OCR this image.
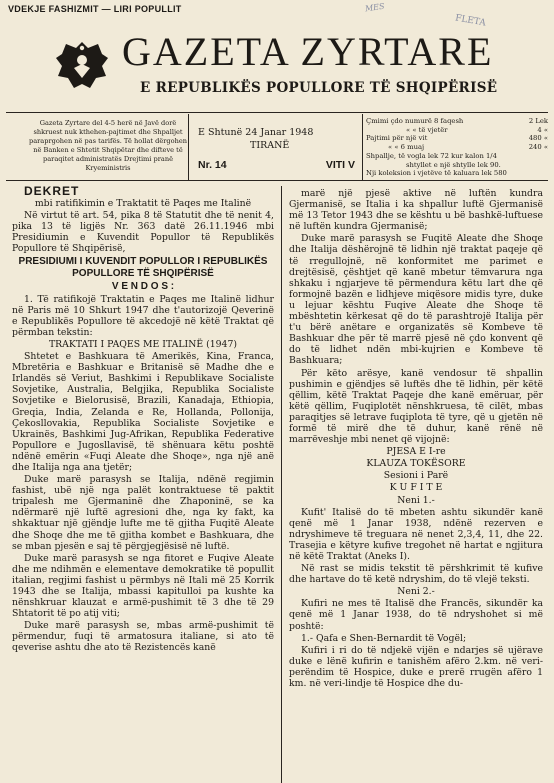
VDEKJE FASHIZMIT — LIRI POPULLIT	MES
FLETA
GAZETA ZYRTARE
E REPUBLIKËS POPULLORE TË SHQIPËRISË
Gazeta Zyrtare del 4-5 herë në Javë dorë
shkruest nuk kthehen-pajtimet dhe Shpalljet
paraprgohen në pas tarifës. Të hollat dërgohen
në Banken e Shtetit Shqipëtar dhe difteve të
paraqitet administratës Drejtimi pranë
Kryeministris
E Shtunë 24 Janar 1948
TIRANË
Nr. 14	VITI V
Çmimi çdo numurë 8 faqesh	2 Lek
« « të vjetër	4 «
Pajtimi për një vit	480 «
« « 6 muaj	240 «
Shpallje, të vogla lek 72 kur kalon 1/4
shtyllet e një shtylle lek 90.
Nji koleksion i vjetëve të kaluara lek 580

DEKRET

mbi ratifikimin e Traktatit të Paqes me Italinë

Në virtut të art. 54, pika 8 të Statutit dhe të nenit 4, pika 13 të ligjës Nr. 363 datë 26.11.1946 mbi Presidiumin e Kuvendit Popullor të Republikës Popullore të Shqipërisë,

PRESIDIUMI I KUVENDIT POPULLOR I REPUBLIKËS POPULLORE TË SHQIPËRISË

V E N D O S :

1. Të ratifikojë Traktatin e Paqes me Italinë lidhur në Paris më 10 Shkurt 1947 dhe t'autorizojë Qeverinë e Republikës Popullore të akcedojë në këtë Traktat që përmban tekstin:

TRAKTATI I PAQES ME ITALINË (1947)

Shtetet e Bashkuara të Amerikës, Kina, Franca, Mbretëria e Bashkuar e Britanisë së Madhe dhe e Irlandës së Veriut, Bashkimi i Republikave Socialiste Sovjetike, Australia, Belgjika, Republika Socialiste Sovjetike e Bielorusisë, Brazili, Kanadaja, Ethiopia, Greqia, India, Zelanda e Re, Hollanda, Pollonija, Çekosllovakia, Republika Socialiste Sovjetike e Ukrainës, Bashkimi Jug-Afrikan, Republika Federative Popullore e Jugosllavisë, të shënuara këtu poshtë ndënë emërin «Fuqi Aleate dhe Shoqe», nga një anë dhe Italija nga ana tjetër;

Duke marë parasysh se Italija, ndënë regjimin fashist, ubë një nga palët kontraktuese të paktit tripalesh me Gjermaninë dhe Zhaponinë, se ka ndërmarë një luftë agresioni dhe, nga ky fakt, ka shkaktuar një gjëndje lufte me të gjitha Fuqitë Aleate dhe Shoqe dhe me të gjitha kombet e Bashkuara, dhe se mban pjesën e saj të përgjegjësisë në luftë.

Duke marë parasysh se nga fitoret e Fuqive Aleate dhe me ndihmën e elementave demokratike të popullit italian, regjimi fashist u përmbys në Itali më 25 Korrik 1943 dhe se Italija, mbassi kapitulloi pa kushte ka nënshkruar klauzat e armë-pushimit të 3 dhe të 29 Shtatorit të po atij viti;

Duke marë parasysh se, mbas armë-pushimit të përmendur, fuqi të armatosura italiane, si ato të qeverise ashtu dhe ato të Rezistencës kanë

marë një pjesë aktive në luftën kundra Gjermanisë, se Italia i ka shpallur luftë Gjermanisë më 13 Tetor 1943 dhe se kështu u bë bashkë-luftuese në luftën kundra Gjermanisë;

Duke marë parasysh se Fuqitë Aleate dhe Shoqe dhe Italija dëshërojnë të lidhin një traktat paqeje që të rregullojnë, në konformitet me parimet e drejtësisë, çështjet që kanë mbetur tëmvarura nga shkaku i ngjarjeve të përmendura këtu lart dhe që formojnë bazën e lidhjeve miqësore midis tyre, duke u lejuar kështu Fuqive Aleate dhe Shoqe të mbështetin kërkesat që do të parashtrojë Italija për t'u bërë anëtare e organizatës së Kombeve të Bashkuar dhe për të marrë pjesë në çdo konvent që do të lidhet ndën mbi-kujrien e Kombeve të Bashkuara;

Për këto arësye, kanë vendosur të shpallin pushimin e gjëndjes së luftës dhe të lidhin, për këtë qëllim, këtë Traktat Paqeje dhe kanë emëruar, për këtë qëllim, Fuqiplotët nënshkruesa, të cilët, mbas paraqitjes së letrave fuqiplota të tyre, që u gjetën në formë të mirë dhe të duhur, kanë rënë në marrëveshje mbi nenet që vijojnë:

PJESA E I-re

KLAUZA TOKËSORE

Sesioni i Parë

K U F I T E

Neni 1.-

Kufit' Italisë do të mbeten ashtu sikundër kanë qenë më 1 Janar 1938, ndënë rezerven e ndryshimeve të treguara në nenet 2,3,4, 11, dhe 22. Trasejia e këtyre kufive tregohet në hartat e ngjitura në këtë Traktat (Aneks I).

Në rast se midis tekstit të përshkrimit të kufive dhe hartave do të ketë ndryshim, do të vlejë teksti.

Neni 2.-

Kufiri ne mes të Italisë dhe Francës, sikundër ka qenë më 1 Janar 1938, do të ndryshohet si më poshtë:

1.- Qafa e Shen-Bernardit të Vogël;

Kufiri i ri do të ndjekë vijën e ndarjes së ujërave duke e lënë kufirin e tanishëm afëro 2.km. në veri-perëndim të Hospice, duke e prerë rrugën afëro 1 km. në veri-lindje të Hospice dhe du-
